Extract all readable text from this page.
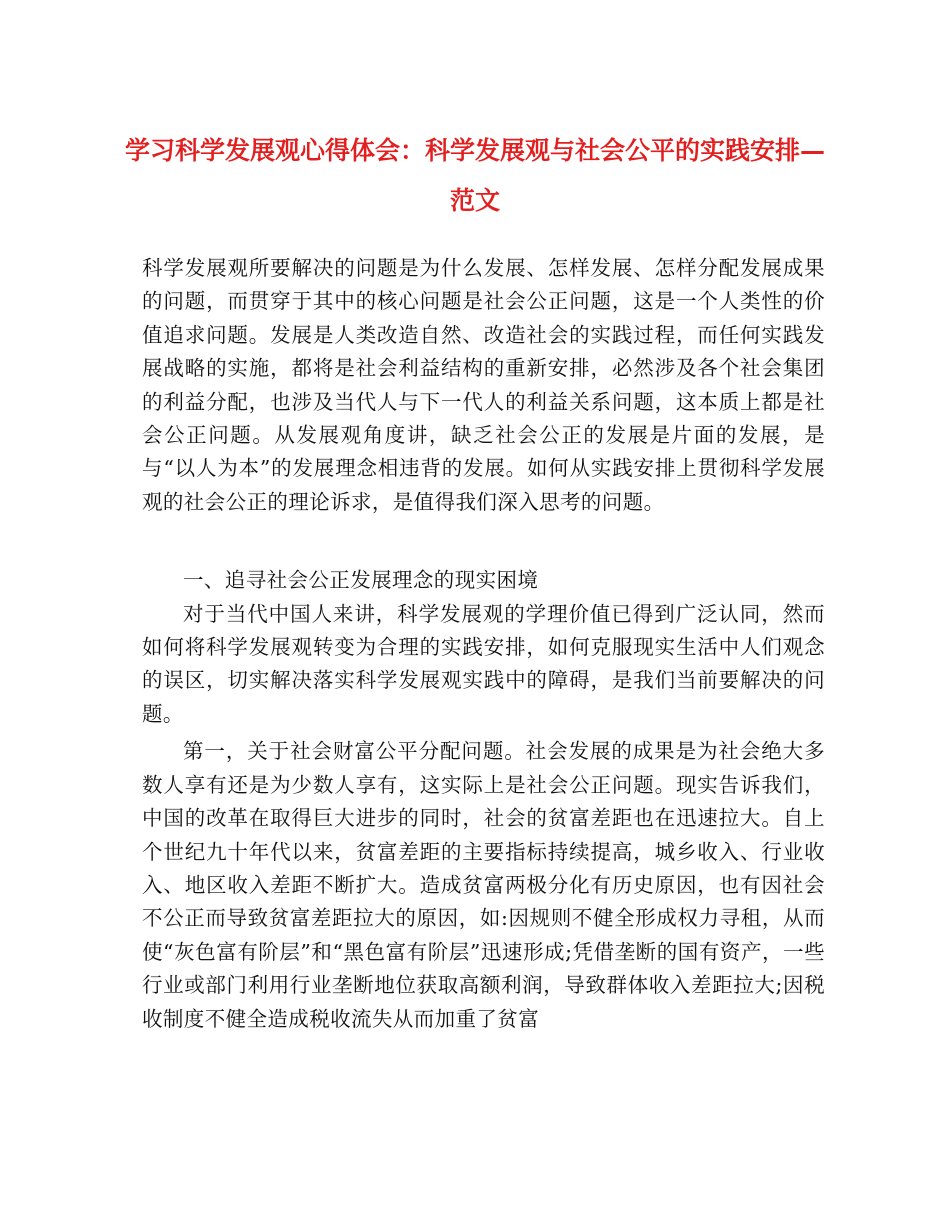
学习科学发展观心得体会：科学发展观与社会公平的实践安排—范文

科学发展观所要解决的问题是为什么发展、怎样发展、怎样分配发展成果的问题，而贯穿于其中的核心问题是社会公正问题，这是一个人类性的价值追求问题。发展是人类改造自然、改造社会的实践过程，而任何实践发展战略的实施，都将是社会利益结构的重新安排，必然涉及各个社会集团的利益分配，也涉及当代人与下一代人的利益关系问题，这本质上都是社会公正问题。从发展观角度讲，缺乏社会公正的发展是片面的发展，是与“以人为本”的发展理念相违背的发展。如何从实践安排上贯彻科学发展观的社会公正的理论诉求，是值得我们深入思考的问题。

一、追寻社会公正发展理念的现实困境

对于当代中国人来讲，科学发展观的学理价值已得到广泛认同，然而如何将科学发展观转变为合理的实践安排，如何克服现实生活中人们观念的误区，切实解决落实科学发展观实践中的障碍，是我们当前要解决的问题。

第一，关于社会财富公平分配问题。社会发展的成果是为社会绝大多数人享有还是为少数人享有，这实际上是社会公正问题。现实告诉我们，中国的改革在取得巨大进步的同时，社会的贫富差距也在迅速拉大。自上个世纪九十年代以来，贫富差距的主要指标持续提高，城乡收入、行业收入、地区收入差距不断扩大。造成贫富两极分化有历史原因，也有因社会不公正而导致贫富差距拉大的原因，如:因规则不健全形成权力寻租，从而使“灰色富有阶层”和“黑色富有阶层”迅速形成;凭借垄断的国有资产，一些行业或部门利用行业垄断地位获取高额利润，导致群体收入差距拉大;因税收制度不健全造成税收流失从而加重了贫富
